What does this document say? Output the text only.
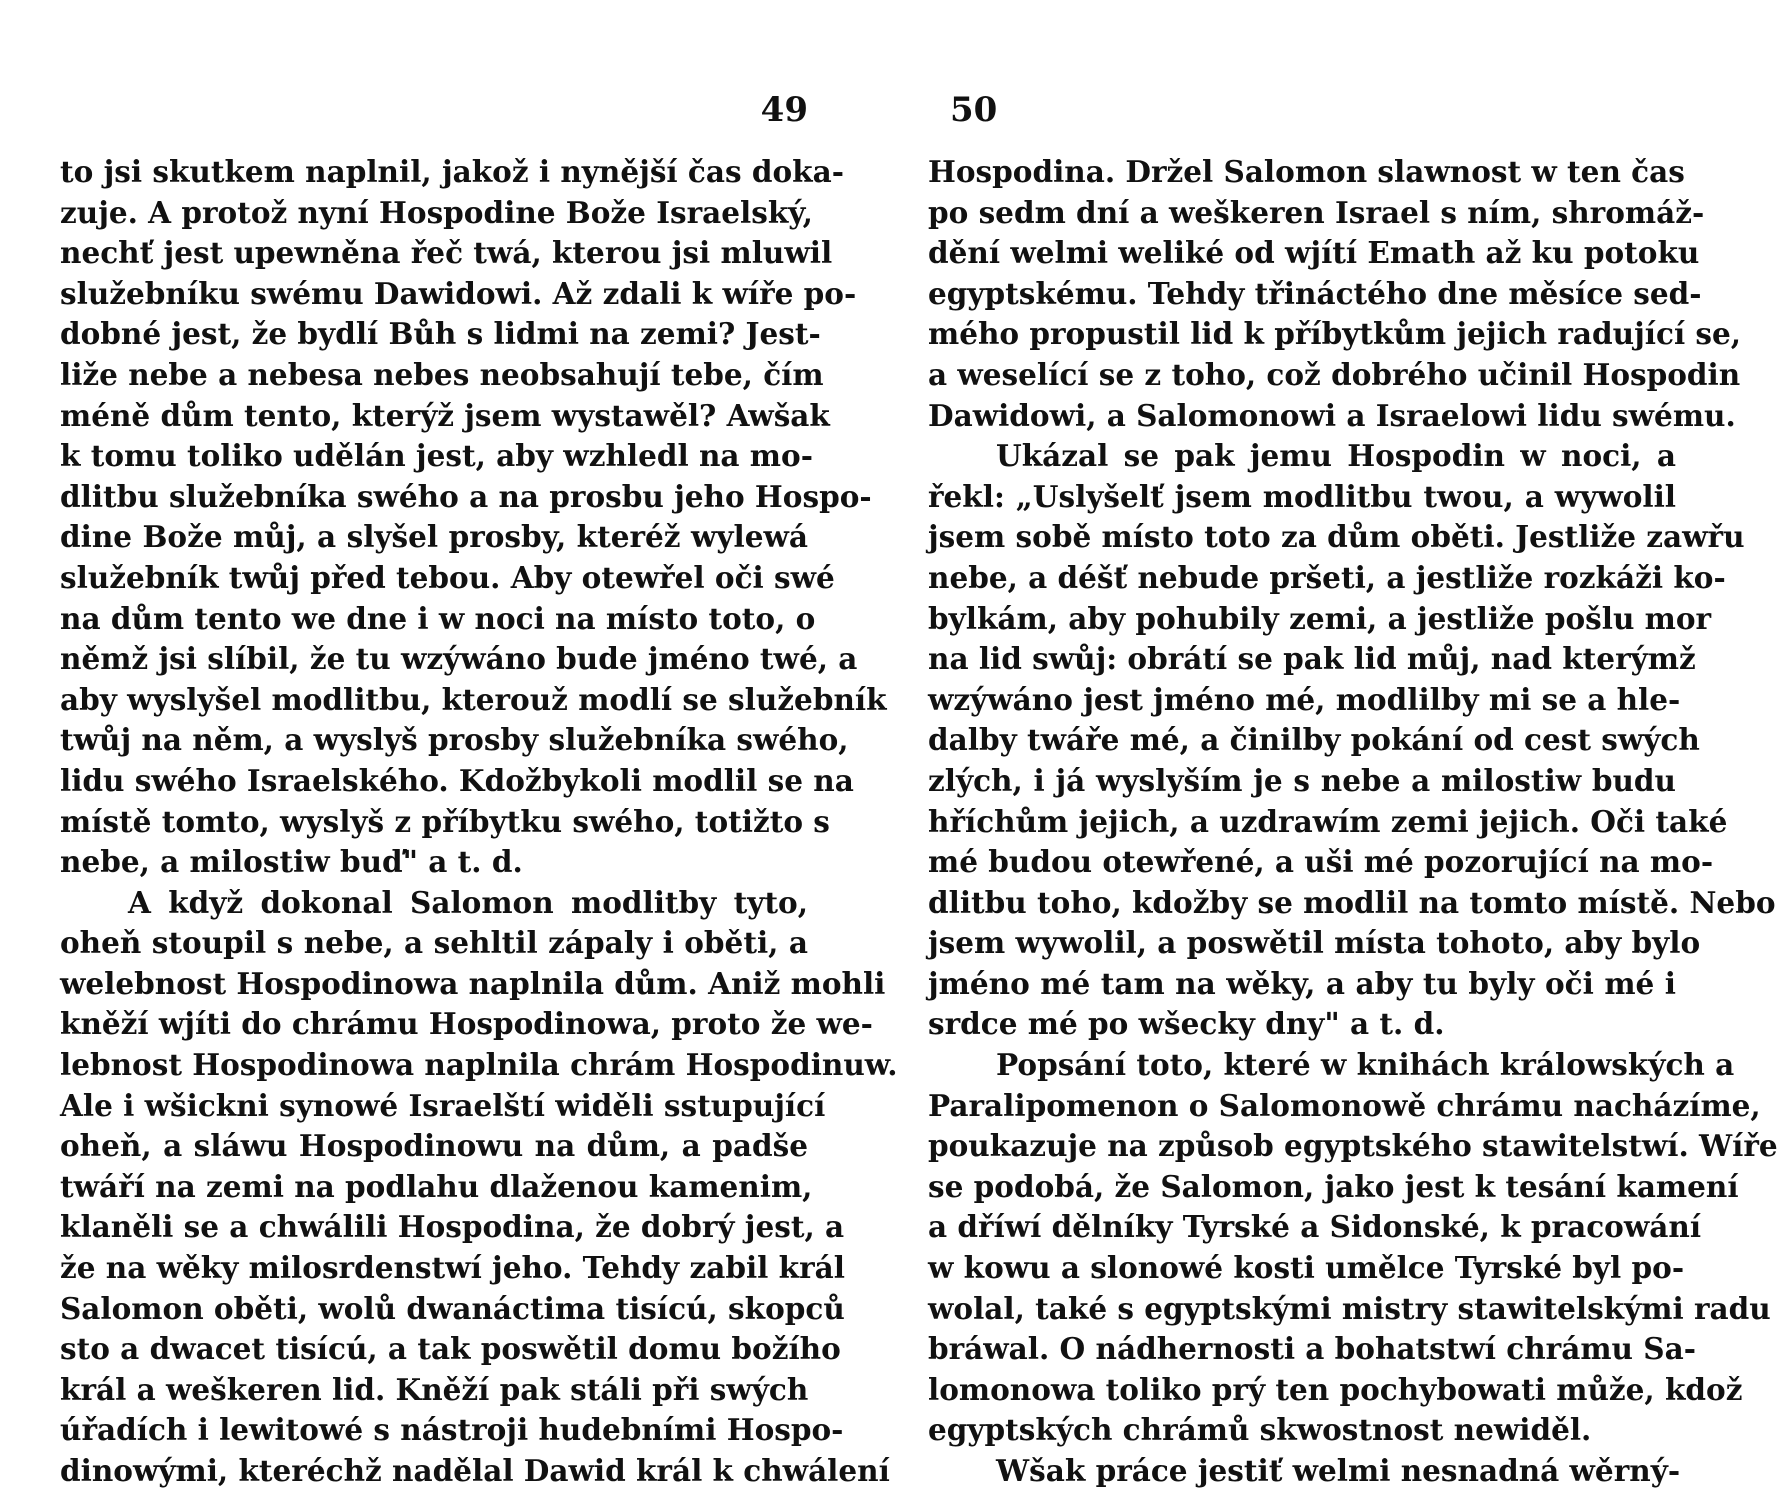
49
to jsi skutkem naplnil, jakož i nynější čas doka-
zuje. A protož nyní Hospodine Bože Israelský,
nechť jest upewněna řeč twá, kterou jsi mluwil
služebníku swému Dawidowi. Až zdali k wíře po-
dobné jest, že bydlí Bůh s lidmi na zemi? Jest-
liže nebe a nebesa nebes neobsahují tebe, čím
méně dům tento, kterýž jsem wystawěl? Awšak
k tomu toliko udělán jest, aby wzhledl na mo-
dlitbu služebníka swého a na prosbu jeho Hospo-
dine Bože můj, a slyšel prosby, kteréž wylewá
služebník twůj před tebou. Aby otewřel oči swé
na dům tento we dne i w noci na místo toto, o
němž jsi slíbil, že tu wzýwáno bude jméno twé, a
aby wyslyšel modlitbu, kterouž modlí se služebník
twůj na něm, a wyslyš prosby služebníka swého,
lidu swého Israelského. Kdožbykoli modlil se na
místě tomto, wyslyš z příbytku swého, totižto s
nebe, a milostiw buď" a t. d.
A když dokonal Salomon modlitby tyto,
oheň stoupil s nebe, a sehltil zápaly i oběti, a
welebnost Hospodinowa naplnila dům. Aniž mohli
kněží wjíti do chrámu Hospodinowa, proto že we-
lebnost Hospodinowa naplnila chrám Hospodinuw.
Ale i wšickni synowé Israelští widěli sstupující
oheň, a sláwu Hospodinowu na dům, a padše
twáří na zemi na podlahu dlaženou kamenim,
klaněli se a chwálili Hospodina, že dobrý jest, a
že na wěky milosrdenstwí jeho. Tehdy zabil král
Salomon oběti, wolů dwanáctima tisícú, skopců
sto a dwacet tisícú, a tak poswětil domu božího
král a weškeren lid. Kněží pak stáli při swých
úřadích i lewitowé s nástroji hudebními Hospo-
dinowými, kteréchž nadělal Dawid král k chwálení
50
Hospodina. Držel Salomon slawnost w ten čas
po sedm dní a weškeren Israel s ním, shromáž-
dění welmi weliké od wjítí Emath až ku potoku
egyptskému. Tehdy třináctého dne měsíce sed-
mého propustil lid k příbytkům jejich radující se,
a weselící se z toho, což dobrého učinil Hospodin
Dawidowi, a Salomonowi a Israelowi lidu swému.
Ukázal se pak jemu Hospodin w noci, a
řekl: „Uslyšelť jsem modlitbu twou, a wywolil
jsem sobě místo toto za dům oběti. Jestliže zawřu
nebe, a déšť nebude pršeti, a jestliže rozkáži ko-
bylkám, aby pohubily zemi, a jestliže pošlu mor
na lid swůj: obrátí se pak lid můj, nad kterýmž
wzýwáno jest jméno mé, modlilby mi se a hle-
dalby twáře mé, a činilby pokání od cest swých
zlých, i já wyslyším je s nebe a milostiw budu
hříchům jejich, a uzdrawím zemi jejich. Oči také
mé budou otewřené, a uši mé pozorující na mo-
dlitbu toho, kdožby se modlil na tomto místě. Nebo
jsem wywolil, a poswětil místa tohoto, aby bylo
jméno mé tam na wěky, a aby tu byly oči mé i
srdce mé po wšecky dny" a t. d.
Popsání toto, které w knihách králowských a
Paralipomenon o Salomonowě chrámu nacházíme,
poukazuje na způsob egyptského stawitelstwí. Wíře
se podobá, že Salomon, jako jest k tesání kamení
a dříwí dělníky Tyrské a Sidonské, k pracowání
w kowu a slonowé kosti umělce Tyrské byl po-
wolal, také s egyptskými mistry stawitelskými radu
bráwal. O nádhernosti a bohatstwí chrámu Sa-
lomonowa toliko prý ten pochybowati může, kdož
egyptských chrámů skwostnost newiděl.
Wšak práce jestiť welmi nesnadná wěrný-
